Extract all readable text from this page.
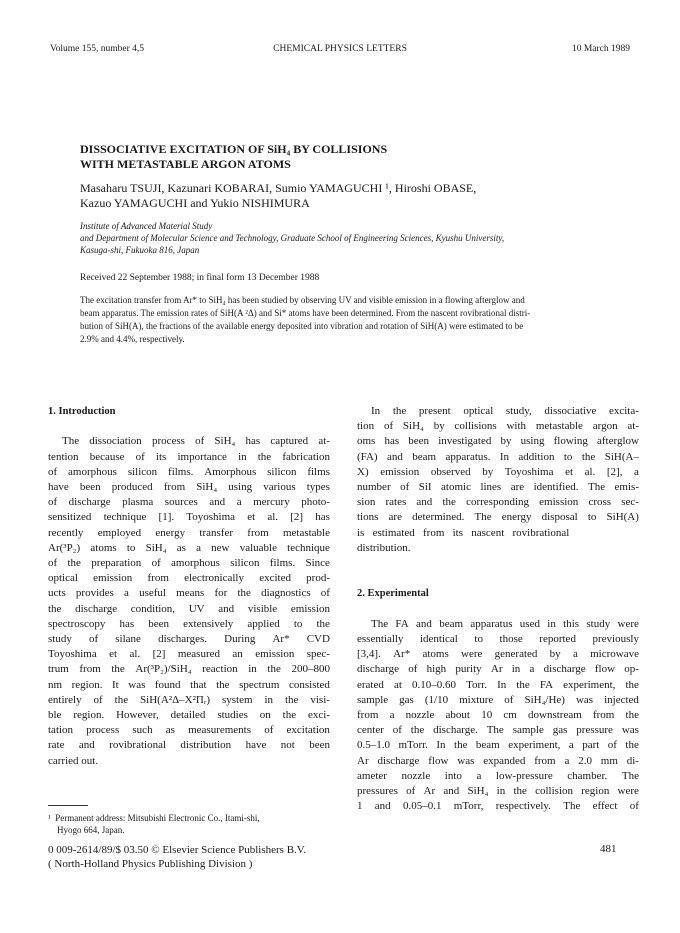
Volume 155, number 4,5	CHEMICAL PHYSICS LETTERS	10 March 1989
DISSOCIATIVE EXCITATION OF SiH₄ BY COLLISIONS
WITH METASTABLE ARGON ATOMS
Masaharu TSUJI, Kazunari KOBARAI, Sumio YAMAGUCHI ¹, Hiroshi OBASE,
Kazuo YAMAGUCHI and Yukio NISHIMURA
Institute of Advanced Material Study
and Department of Molecular Science and Technology, Graduate School of Engineering Sciences, Kyushu University,
Kasuga-shi, Fukuoka 816, Japan
Received 22 September 1988; in final form 13 December 1988
The excitation transfer from Ar* to SiH₄ has been studied by observing UV and visible emission in a flowing afterglow and
beam apparatus. The emission rates of SiH(A ²Δ) and Si* atoms have been determined. From the nascent rovibrational distri-
bution of SiH(A), the fractions of the available energy deposited into vibration and rotation of SiH(A) were estimated to be
2.9% and 4.4%, respectively.
1. Introduction
The dissociation process of SiH₄ has captured at-
tention because of its importance in the fabrication
of amorphous silicon films. Amorphous silicon films
have been produced from SiH₄ using various types
of discharge plasma sources and a mercury photo-
sensitized technique [1]. Toyoshima et al. [2] has
recently employed energy transfer from metastable
Ar(³P₂) atoms to SiH₄ as a new valuable technique
of the preparation of amorphous silicon films. Since
optical emission from electronically excited prod-
ucts provides a useful means for the diagnostics of
the discharge condition, UV and visible emission
spectroscopy has been extensively applied to the
study of silane discharges. During Ar* CVD
Toyoshima et al. [2] measured an emission spec-
trum from the Ar(³P₂)/SiH₄ reaction in the 200–800
nm region. It was found that the spectrum consisted
entirely of the SiH(A²Δ–X²Πᵣ) system in the visi-
ble region. However, detailed studies on the exci-
tation process such as measurements of excitation
rate and rovibrational distribution have not been
carried out.
In the present optical study, dissociative excita-
tion of SiH₄ by collisions with metastable argon at-
oms has been investigated by using flowing afterglow
(FA) and beam apparatus. In addition to the SiH(A–
X) emission observed by Toyoshima et al. [2], a
number of SiI atomic lines are identified. The emis-
sion rates and the corresponding emission cross sec-
tions are determined. The energy disposal to SiH(A)
is   estimated   from   its   nascent   rovibrational
distribution.
2. Experimental
The FA and beam apparatus used in this study were
essentially identical to those reported previously
[3,4]. Ar* atoms were generated by a microwave
discharge of high purity Ar in a discharge flow op-
erated at 0.10–0.60 Torr. In the FA experiment, the
sample gas (1/10 mixture of SiH₄/He) was injected
from a nozzle about 10 cm downstream from the
center of the discharge. The sample gas pressure was
0.5–1.0 mTorr. In the beam experiment, a part of the
Ar discharge flow was expanded from a 2.0 mm di-
ameter nozzle into a low-pressure chamber. The
pressures of Ar and SiH₄ in the collision region were
1 and 0.05–0.1 mTorr, respectively. The effect of
¹  Permanent address: Mitsubishi Electronic Co., Itami-shi,
Hyogo 664, Japan.
0 009-2614/89/$ 03.50 © Elsevier Science Publishers B.V.
( North-Holland Physics Publishing Division )
481
